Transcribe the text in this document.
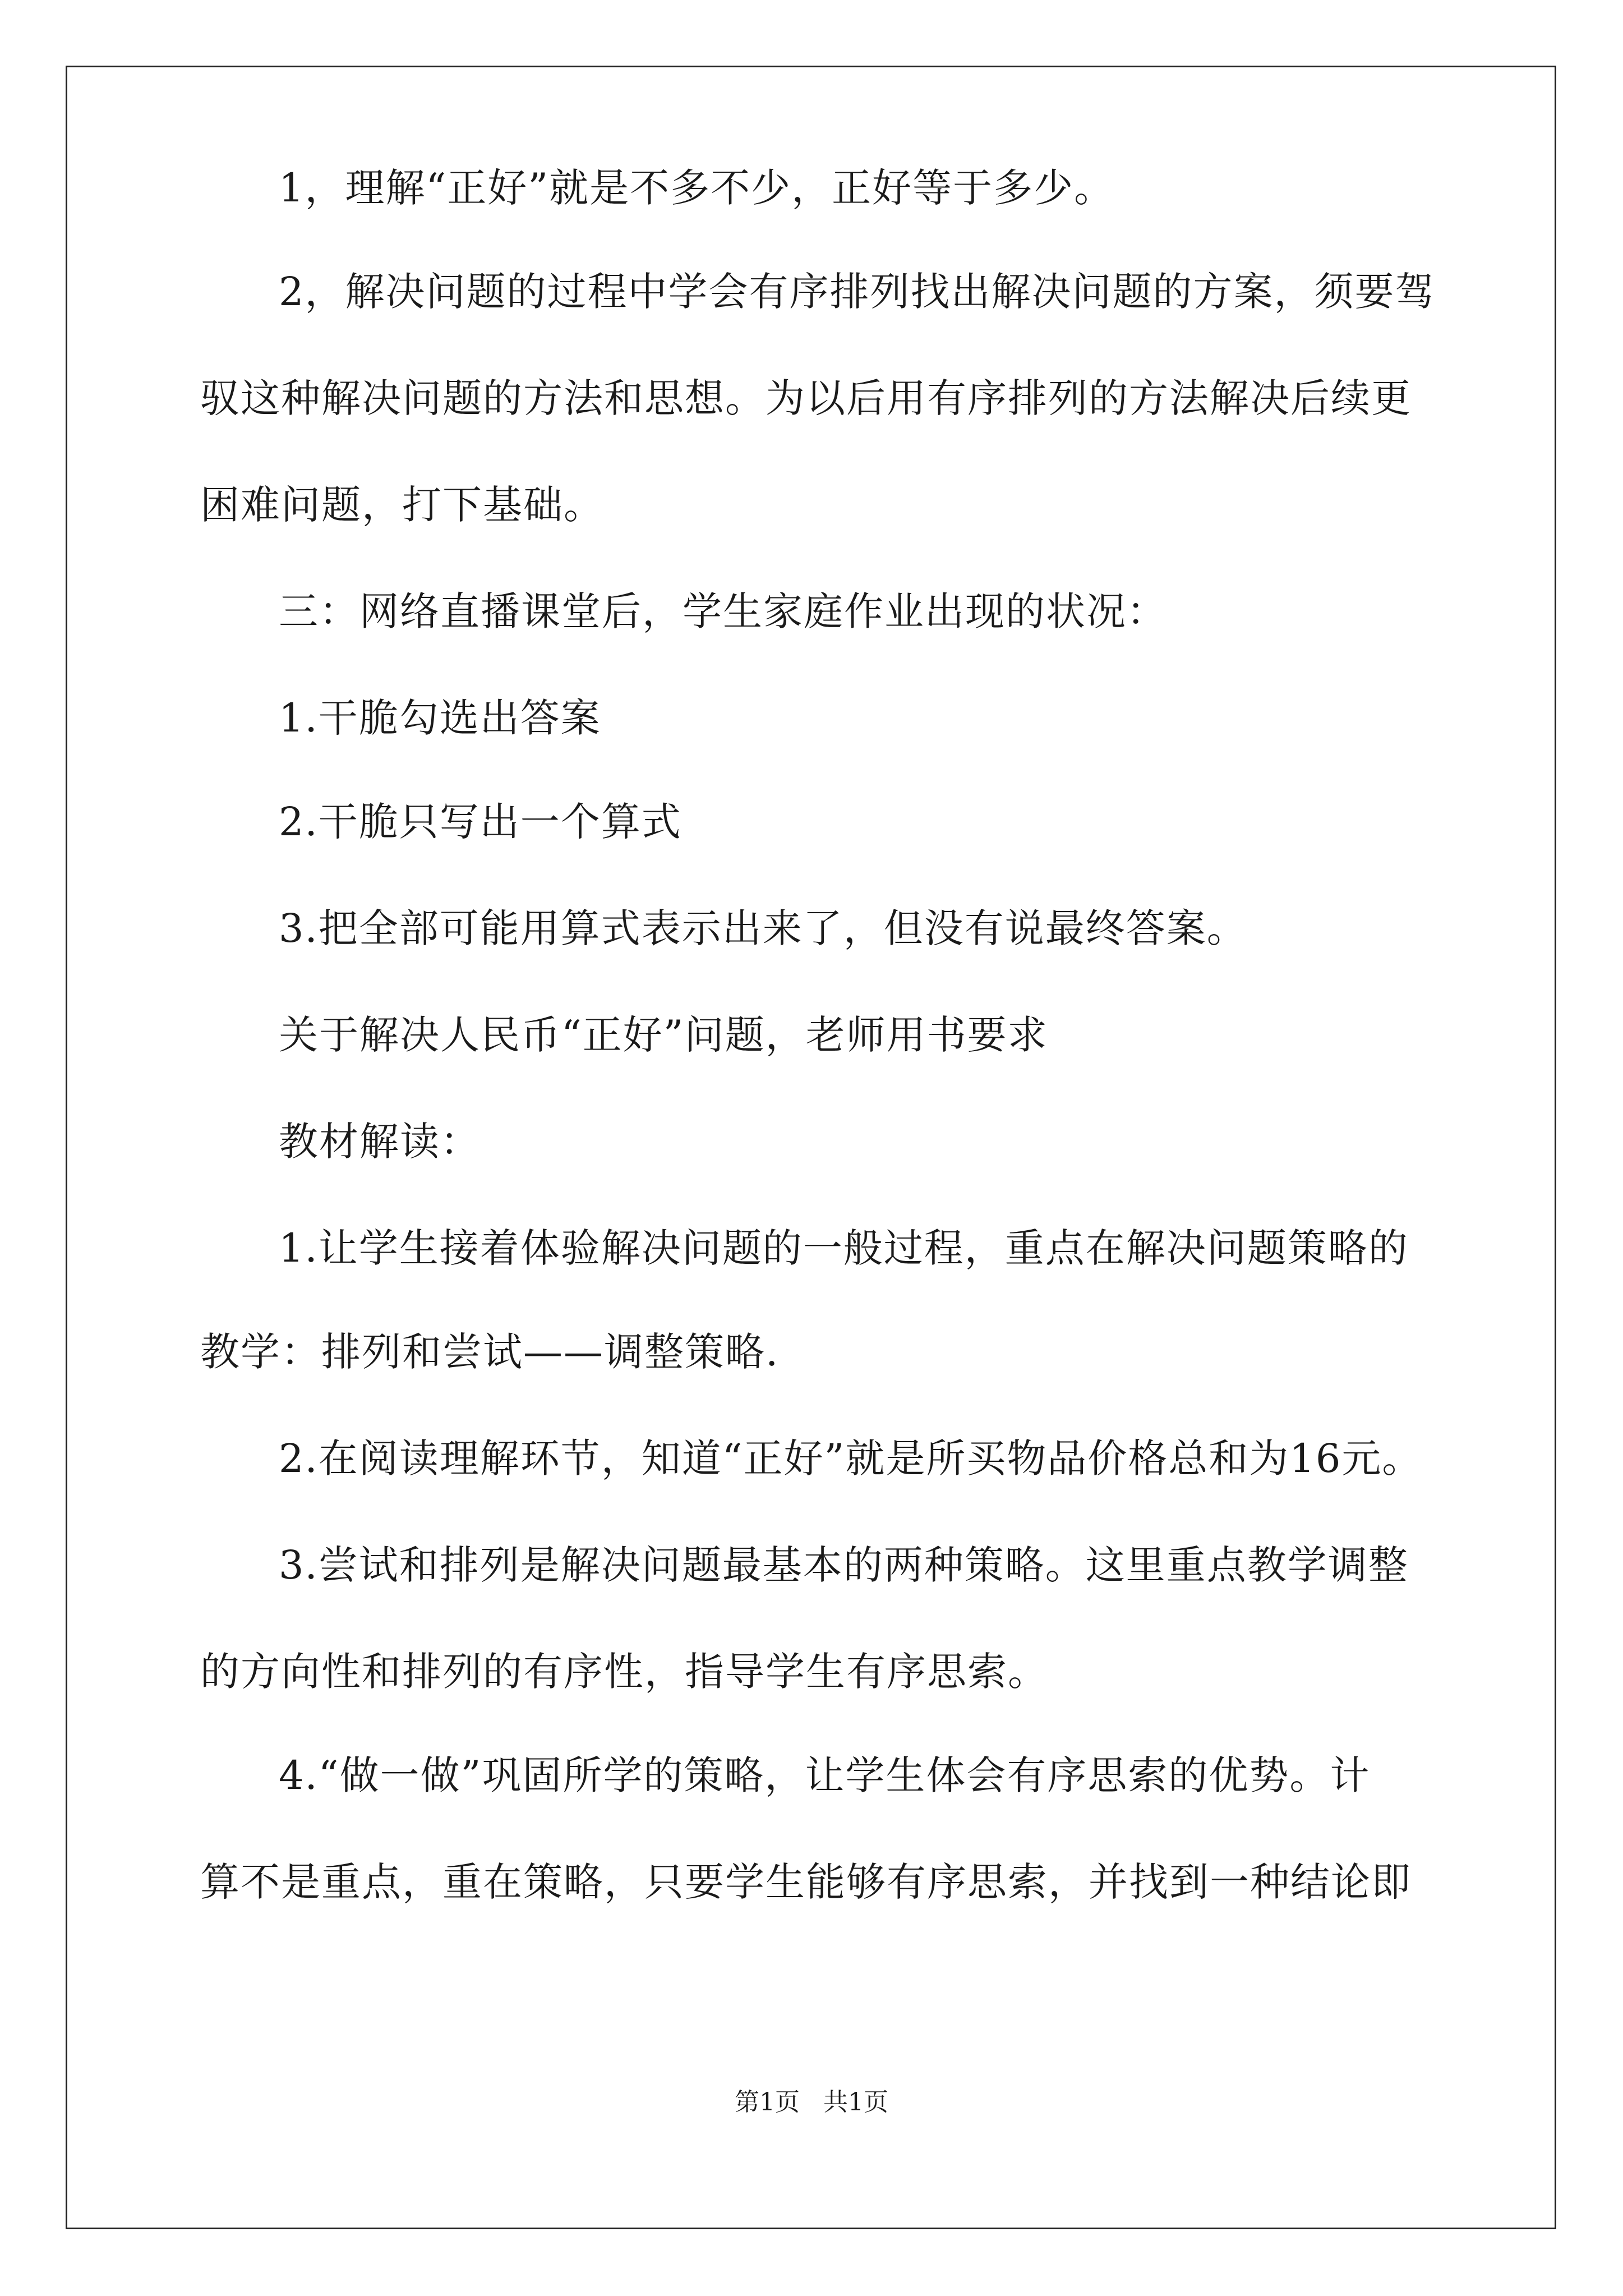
1，理解“正好”就是不多不少，正好等于多少。
2，解决问题的过程中学会有序排列找出解决问题的方案，须要驾
驭这种解决问题的方法和思想。为以后用有序排列的方法解决后续更
困难问题，打下基础。
三：网络直播课堂后，学生家庭作业出现的状况：
1.干脆勾选出答案
2.干脆只写出一个算式
3.把全部可能用算式表示出来了，但没有说最终答案。
关于解决人民币“正好”问题，老师用书要求
教材解读：
1.让学生接着体验解决问题的一般过程，重点在解决问题策略的
教学：排列和尝试——调整策略.
2.在阅读理解环节，知道“正好”就是所买物品价格总和为16元。
3.尝试和排列是解决问题最基本的两种策略。这里重点教学调整
的方向性和排列的有序性，指导学生有序思索。
4.“做一做”巩固所学的策略，让学生体会有序思索的优势。计
算不是重点，重在策略，只要学生能够有序思索，并找到一种结论即
第1页 共1页
